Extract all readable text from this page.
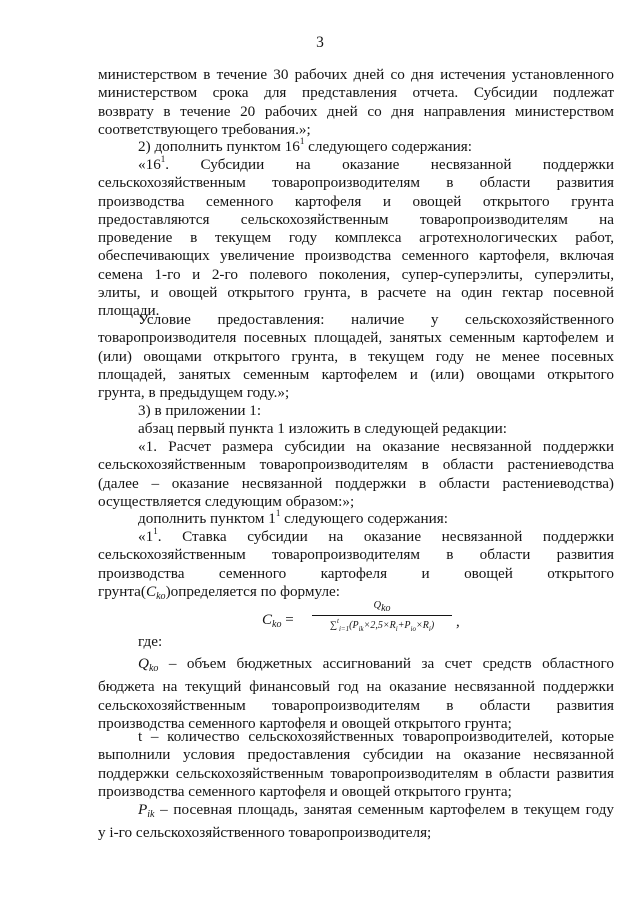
3
министерством в течение 30 рабочих дней со дня истечения установленного
министерством срока для представления отчета. Субсидии подлежат
возврату в течение 20 рабочих дней со дня направления министерством
соответствующего требования.»;
2) дополнить пунктом $16^1$ следующего содержания:
«$16^1$. Субсидии на оказание несвязанной поддержки
сельскохозяйственным товаропроизводителям в области развития
производства семенного картофеля и овощей открытого грунта
предоставляются сельскохозяйственным товаропроизводителям на
проведение в текущем году комплекса агротехнологических работ,
обеспечивающих увеличение производства семенного картофеля, включая
семена 1-го и 2-го полевого поколения, супер-суперэлиты, суперэлиты,
элиты, и овощей открытого грунта, в расчете на один гектар посевной
площади.
Условие предоставления: наличие у сельскохозяйственного
товаропроизводителя посевных площадей, занятых семенным картофелем и
(или) овощами открытого грунта, в текущем году не менее посевных
площадей, занятых семенным картофелем и (или) овощами открытого
грунта, в предыдущем году.»;
3) в приложении 1:
абзац первый пункта 1 изложить в следующей редакции:
«1. Расчет размера субсидии на оказание несвязанной поддержки
сельскохозяйственным товаропроизводителям в области растениеводства
(далее – оказание несвязанной поддержки в области растениеводства)
осуществляется следующим образом:»;
дополнить пунктом $1^1$ следующего содержания:
«$1^1$. Ставка субсидии на оказание несвязанной поддержки
сельскохозяйственным товаропроизводителям в области развития
производства семенного картофеля и овощей открытого
грунта(Cko)определяется по формуле:
$C_{ko}$ =
Qko
$\sum^t_{i=1}(P_{ik}\times 2,5\times R_i+P_{io}\times R_i)$	,
где:
Qko – объем бюджетных ассигнований за счет средств областного
бюджета на текущий финансовый год на оказание несвязанной поддержки
сельскохозяйственным товаропроизводителям в области развития
производства семенного картофеля и овощей открытого грунта;
t – количество сельскохозяйственных товаропроизводителей, которые
выполнили условия предоставления субсидии на оказание несвязанной
поддержки сельскохозяйственным товаропроизводителям в области развития
производства семенного картофеля и овощей открытого грунта;
Pik – посевная площадь, занятая семенным картофелем в текущем году
у i-го сельскохозяйственного товаропроизводителя;
